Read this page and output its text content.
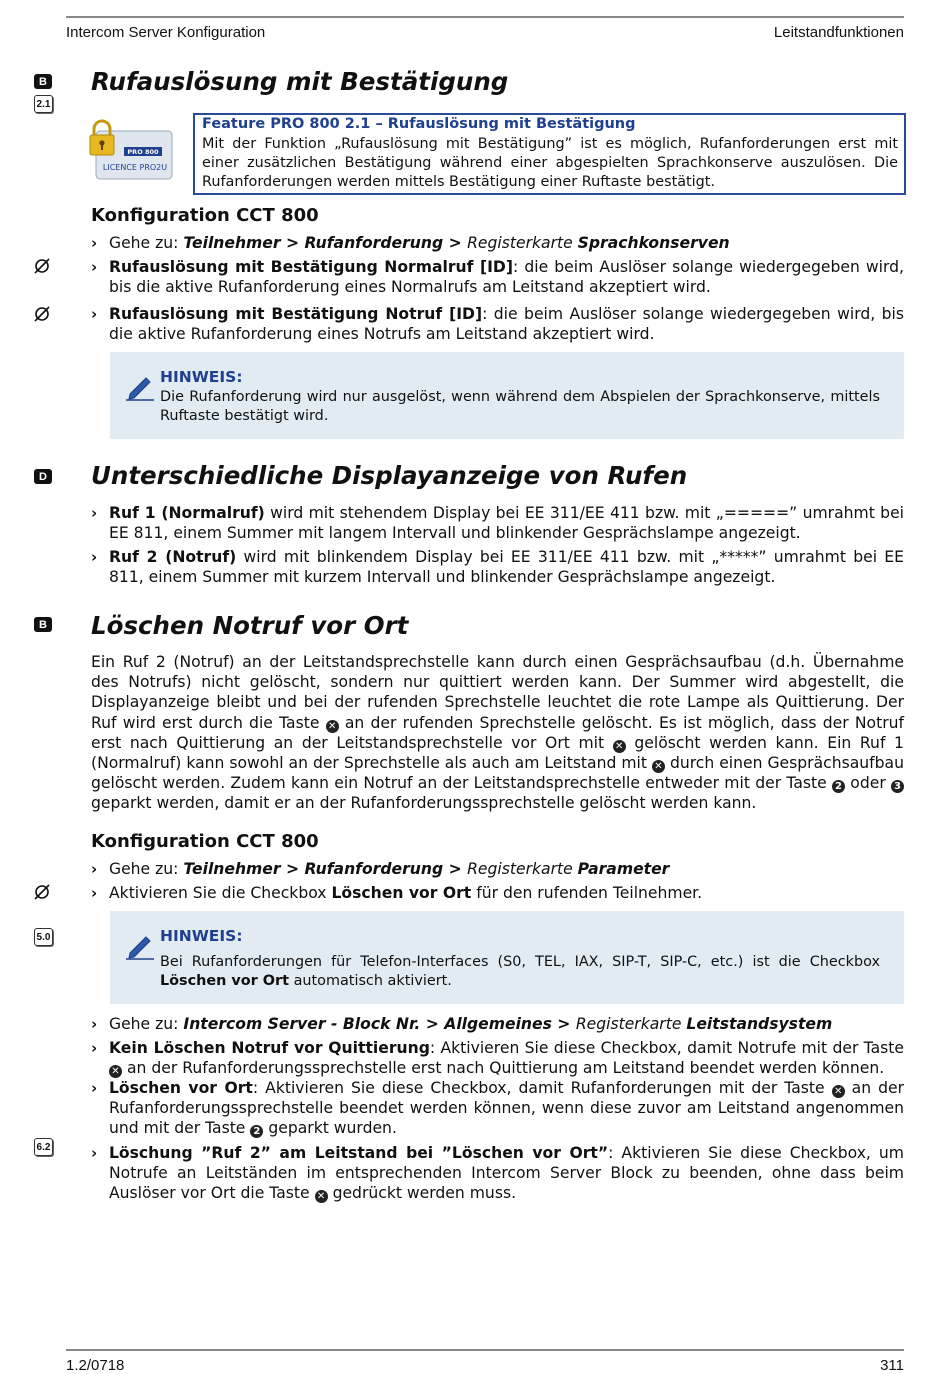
Intercom Server Konfiguration	Leitstandfunktionen
B
2.1
D
B
5.0
6.2
Rufauslösung mit Bestätigung
PRO 800
LICENCE PRO2U
Feature PRO 800 2.1 – Rufauslösung mit Bestätigung
Mit der Funktion „Rufauslösung mit Bestätigung” ist es möglich, Rufanforderungen erst mit einer zusätzlichen Bestätigung während einer abgespielten Sprachkonserve auszulösen. Die Rufanforderungen werden mittels Bestätigung einer Ruftaste bestätigt.
Konfiguration CCT 800
› Gehe zu: Teilnehmer > Rufanforderung > Registerkarte Sprachkonserven
› Rufauslösung mit Bestätigung Normalruf [ID]: die beim Auslöser solange wiedergegeben wird, bis die aktive Rufanforderung eines Normalrufs am Leitstand akzeptiert wird.
› Rufauslösung mit Bestätigung Notruf [ID]: die beim Auslöser solange wiedergegeben wird, bis die aktive Rufanforderung eines Notrufs am Leitstand akzeptiert wird.
HINWEIS:
Die Rufanforderung wird nur ausgelöst, wenn während dem Abspielen der Sprachkonserve, mittels Ruftaste bestätigt wird.
Unterschiedliche Displayanzeige von Rufen
› Ruf 1 (Normalruf) wird mit stehendem Display bei EE 311/EE 411 bzw. mit „=====” umrahmt bei EE 811, einem Summer mit langem Intervall und blinkender Gesprächslampe angezeigt.
› Ruf 2 (Notruf) wird mit blinkendem Display bei EE 311/EE 411 bzw. mit „*****” umrahmt bei EE 811, einem Summer mit kurzem Intervall und blinkender Gesprächslampe angezeigt.
Löschen Notruf vor Ort
Ein Ruf 2 (Notruf) an der Leitstandsprechstelle kann durch einen Gesprächsaufbau (d.h. Übernahme des Notrufs) nicht gelöscht, sondern nur quittiert werden kann. Der Summer wird abgestellt, die Displayanzeige bleibt und bei der rufenden Sprechstelle leuchtet die rote Lampe als Quittierung. Der Ruf wird erst durch die Taste ✕ an der rufenden Sprechstelle gelöscht. Es ist möglich, dass der Notruf erst nach Quittierung an der Leitstandsprechstelle vor Ort mit ✕ gelöscht werden kann. Ein Ruf 1 (Normalruf) kann sowohl an der Sprechstelle als auch am Leitstand mit ✕ durch einen Gesprächsaufbau gelöscht werden. Zudem kann ein Notruf an der Leitstandsprechstelle entweder mit der Taste 2 oder 3 geparkt werden, damit er an der Rufanforderungssprechstelle gelöscht werden kann.
Konfiguration CCT 800
› Gehe zu: Teilnehmer > Rufanforderung > Registerkarte Parameter
› Aktivieren Sie die Checkbox Löschen vor Ort für den rufenden Teilnehmer.
HINWEIS:
Bei Rufanforderungen für Telefon-Interfaces (S0, TEL, IAX, SIP-T, SIP-C, etc.) ist die Checkbox Löschen vor Ort automatisch aktiviert.
› Gehe zu: Intercom Server - Block Nr. > Allgemeines > Registerkarte Leitstandsystem
› Kein Löschen Notruf vor Quittierung: Aktivieren Sie diese Checkbox, damit Notrufe mit der Taste ✕ an der Rufanforderungssprechstelle erst nach Quittierung am Leitstand beendet werden können.
› Löschen vor Ort: Aktivieren Sie diese Checkbox, damit Rufanforderungen mit der Taste ✕ an der Rufanforderungssprechstelle beendet werden können, wenn diese zuvor am Leitstand angenommen und mit der Taste 2 geparkt wurden.
› Löschung ”Ruf 2” am Leitstand bei ”Löschen vor Ort”: Aktivieren Sie diese Checkbox, um Notrufe an Leitständen im entsprechenden Intercom Server Block zu beenden, ohne dass beim Auslöser vor Ort die Taste ✕ gedrückt werden muss.
1.2/0718	311
